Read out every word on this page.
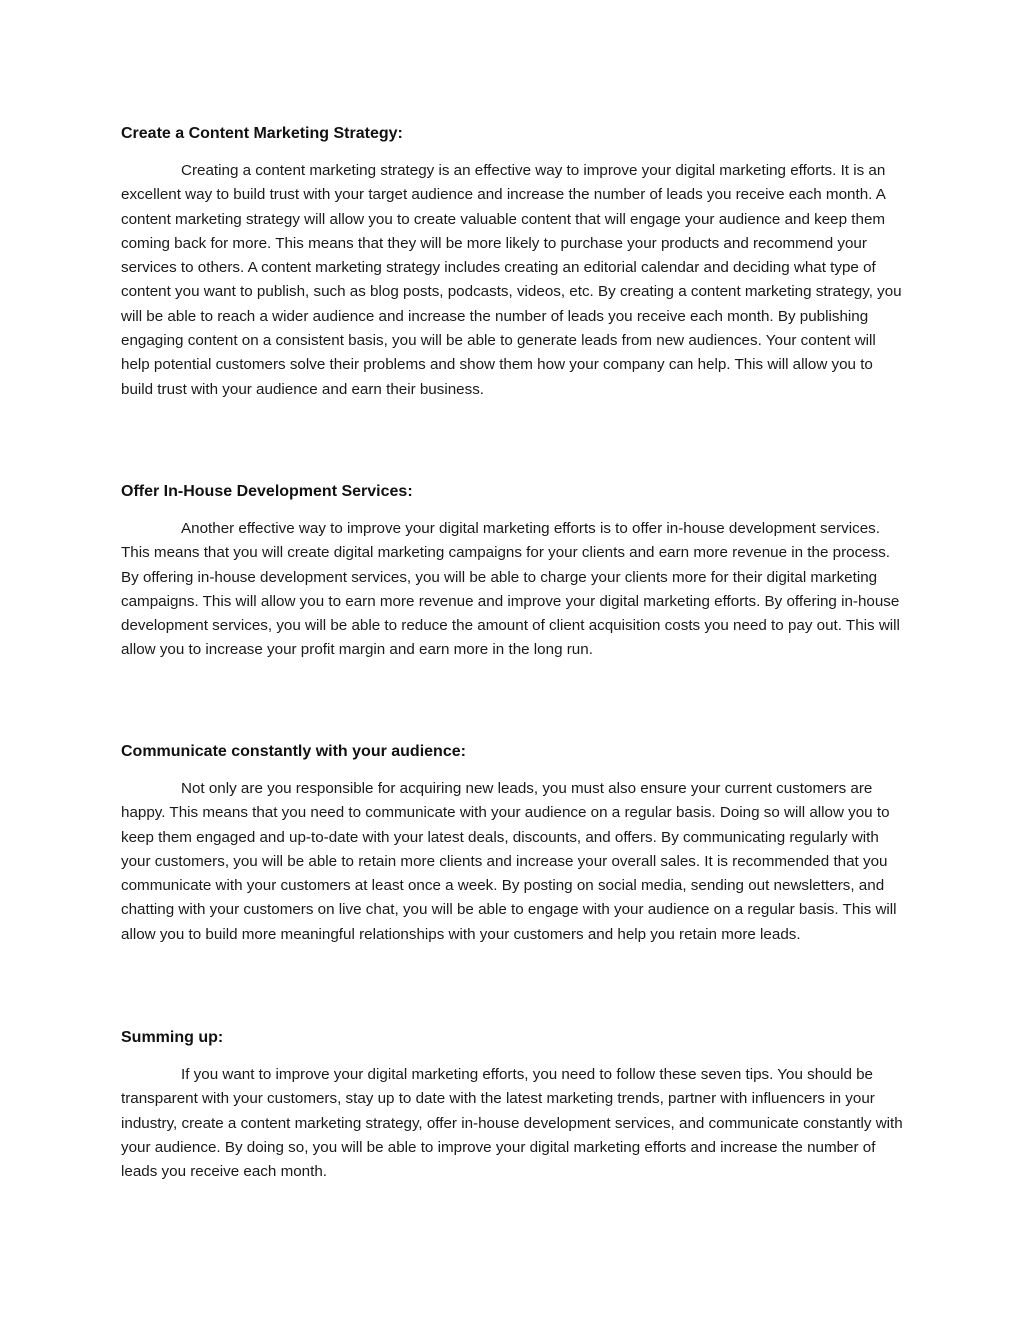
Create a Content Marketing Strategy:

Creating a content marketing strategy is an effective way to improve your digital marketing efforts. It is an excellent way to build trust with your target audience and increase the number of leads you receive each month. A content marketing strategy will allow you to create valuable content that will engage your audience and keep them coming back for more. This means that they will be more likely to purchase your products and recommend your services to others. A content marketing strategy includes creating an editorial calendar and deciding what type of content you want to publish, such as blog posts, podcasts, videos, etc. By creating a content marketing strategy, you will be able to reach a wider audience and increase the number of leads you receive each month. By publishing engaging content on a consistent basis, you will be able to generate leads from new audiences. Your content will help potential customers solve their problems and show them how your company can help. This will allow you to build trust with your audience and earn their business.

Offer In-House Development Services:

Another effective way to improve your digital marketing efforts is to offer in-house development services. This means that you will create digital marketing campaigns for your clients and earn more revenue in the process. By offering in-house development services, you will be able to charge your clients more for their digital marketing campaigns. This will allow you to earn more revenue and improve your digital marketing efforts. By offering in-house development services, you will be able to reduce the amount of client acquisition costs you need to pay out. This will allow you to increase your profit margin and earn more in the long run.

Communicate constantly with your audience:

Not only are you responsible for acquiring new leads, you must also ensure your current customers are happy. This means that you need to communicate with your audience on a regular basis. Doing so will allow you to keep them engaged and up-to-date with your latest deals, discounts, and offers. By communicating regularly with your customers, you will be able to retain more clients and increase your overall sales. It is recommended that you communicate with your customers at least once a week. By posting on social media, sending out newsletters, and chatting with your customers on live chat, you will be able to engage with your audience on a regular basis. This will allow you to build more meaningful relationships with your customers and help you retain more leads.

Summing up:

If you want to improve your digital marketing efforts, you need to follow these seven tips. You should be transparent with your customers, stay up to date with the latest marketing trends, partner with influencers in your industry, create a content marketing strategy, offer in-house development services, and communicate constantly with your audience. By doing so, you will be able to improve your digital marketing efforts and increase the number of leads you receive each month.
